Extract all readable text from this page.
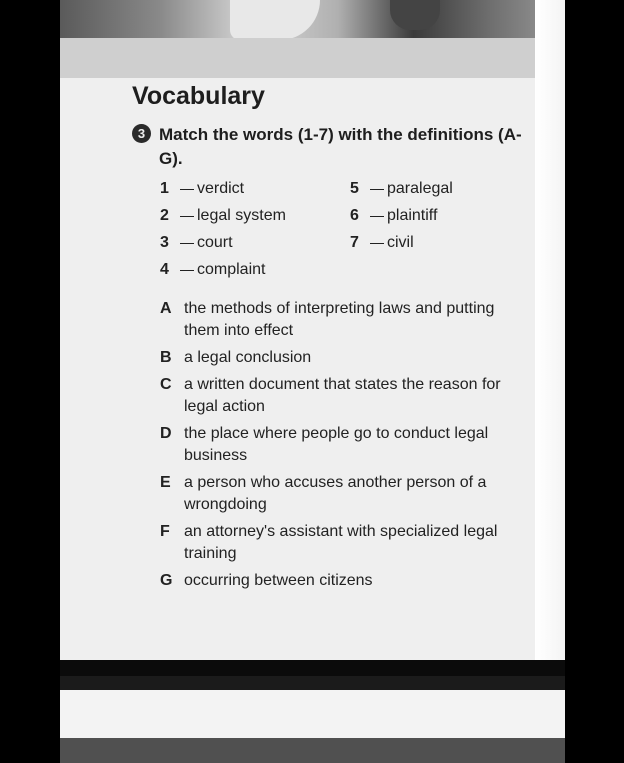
Vocabulary
3 Match the words (1-7) with the definitions (A-G).

1 verdict
2 legal system
3 court
4 complaint
5 paralegal
6 plaintiff
7 civil
A the methods of interpreting laws and putting them into effect
B a legal conclusion
C a written document that states the reason for legal action
D the place where people go to conduct legal business
E a person who accuses another person of a wrongdoing
F an attorney's assistant with specialized legal training
G occurring between citizens
